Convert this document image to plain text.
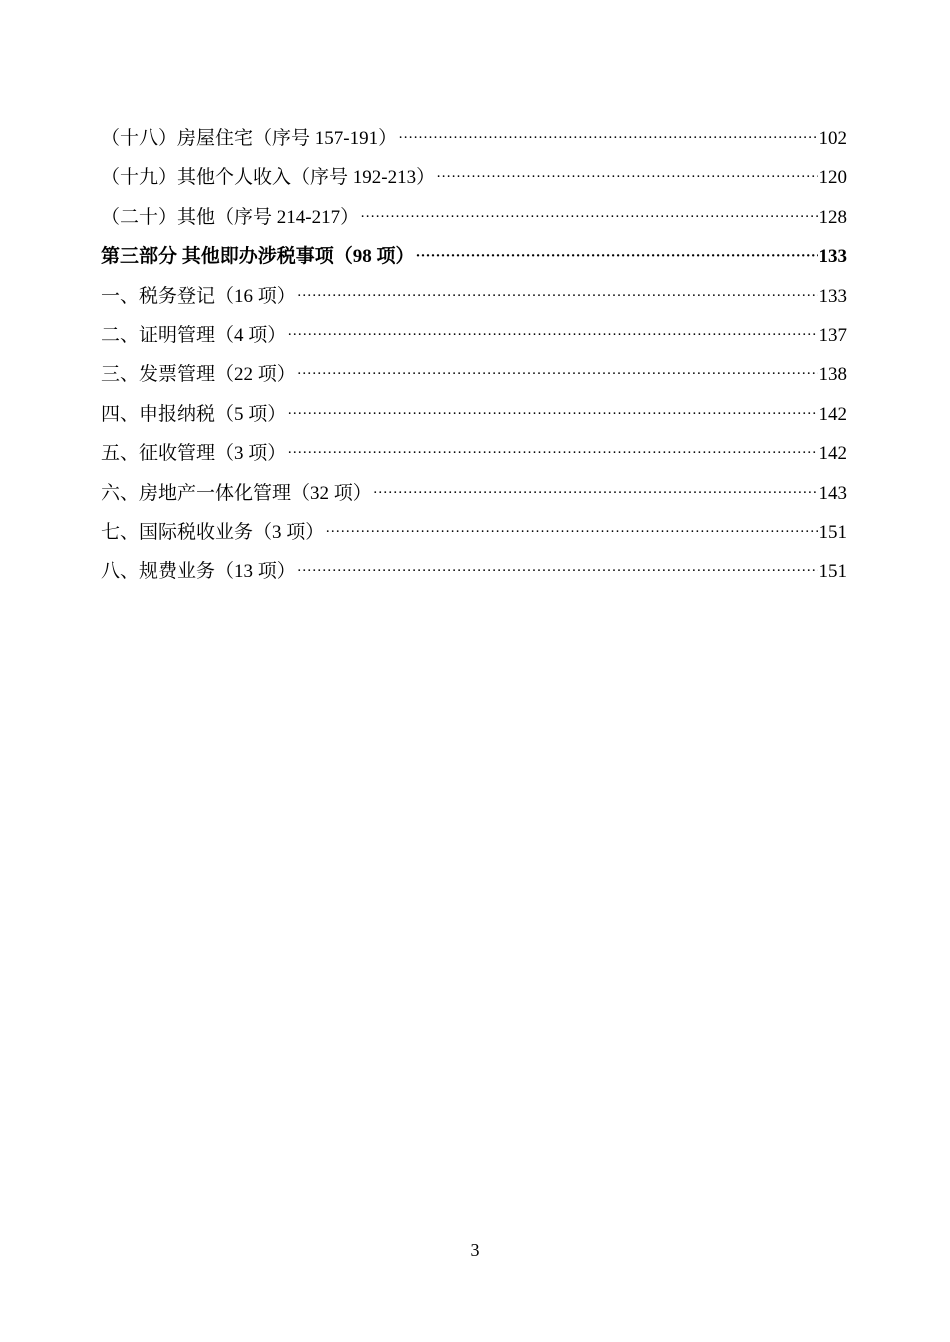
（十八）房屋住宅（序号 157-191） ·····	102
（十九）其他个人收入（序号 192-213） ·····	120
（二十）其他（序号 214-217） ·····	128
第三部分 其他即办涉税事项（98 项） ·····	133
一、税务登记（16 项） ·····	133
二、证明管理（4 项） ·····	137
三、发票管理（22 项） ·····	138
四、申报纳税（5 项） ·····	142
五、征收管理（3 项） ·····	142
六、房地产一体化管理（32 项） ·····	143
七、国际税收业务（3 项） ·····	151
八、规费业务（13 项） ·····	151
3
